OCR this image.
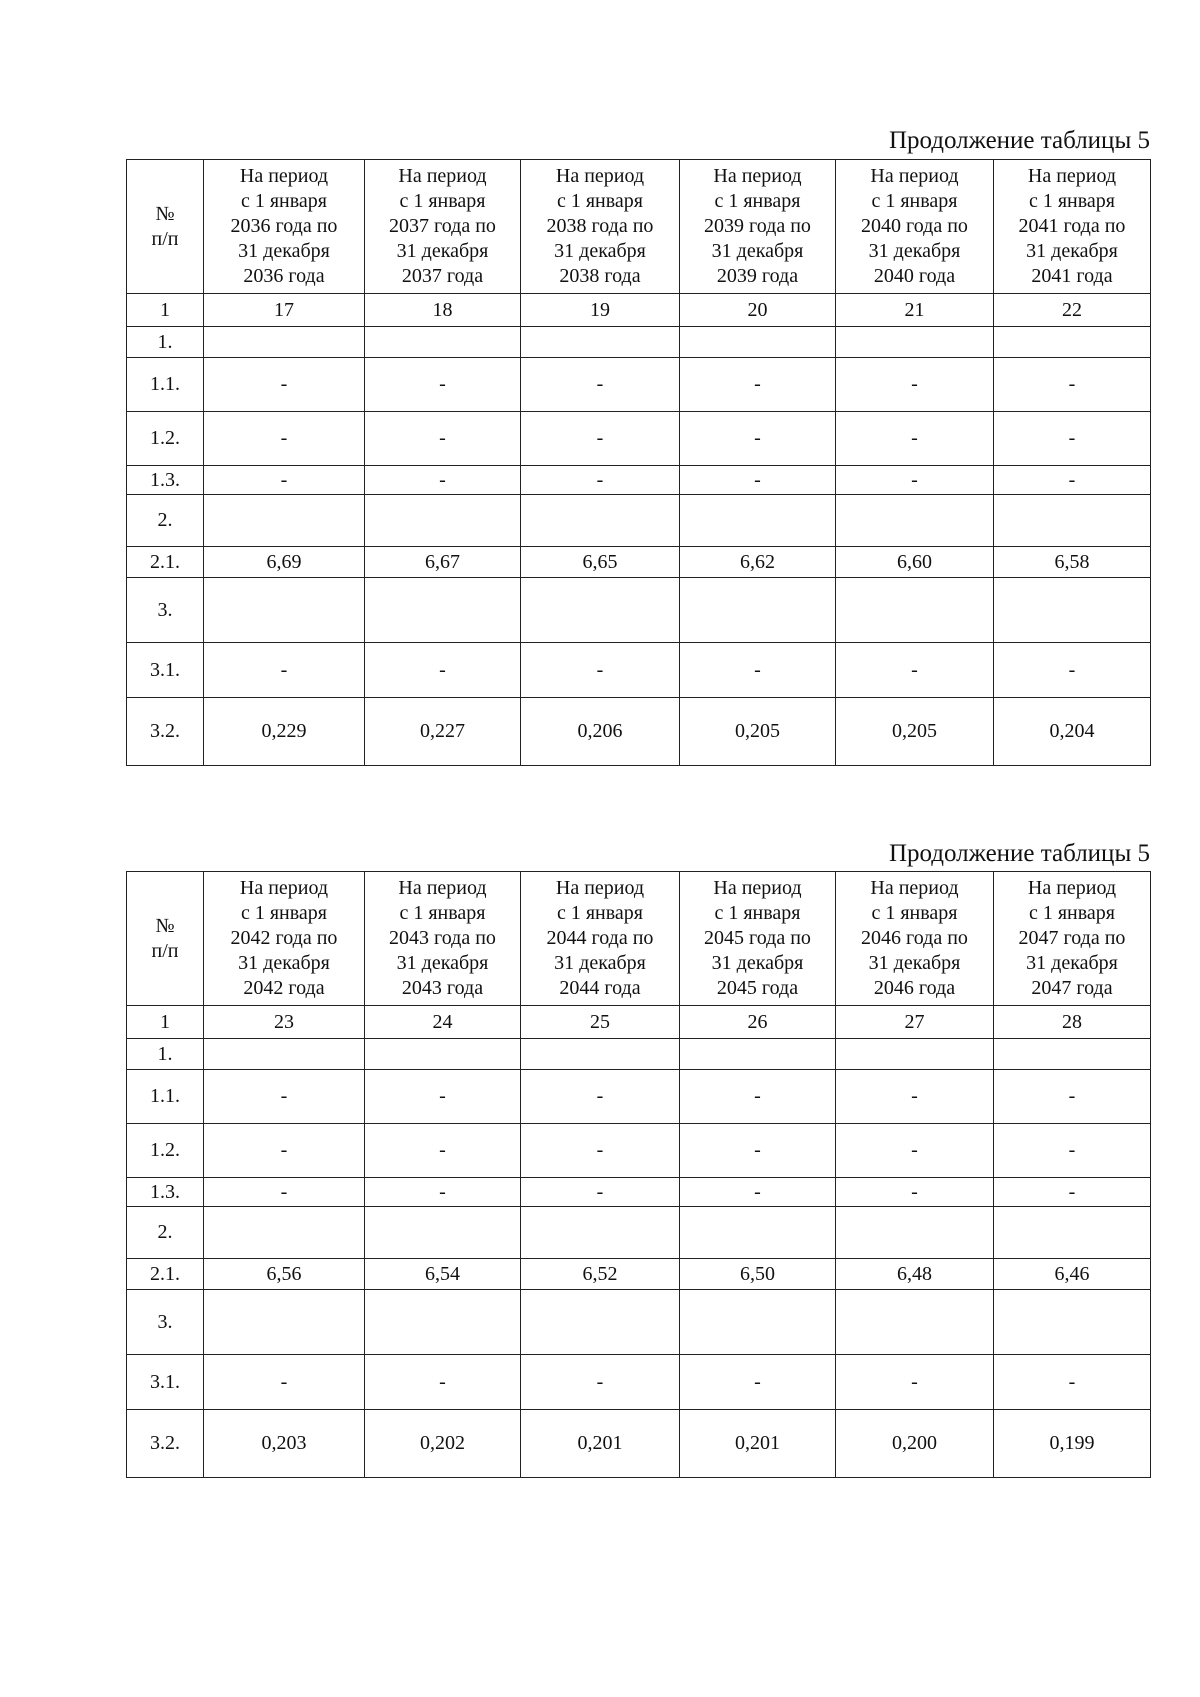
Продолжение таблицы 5
№
п/п	На период
с 1 января
2036 года по
31 декабря
2036 года	На период
с 1 января
2037 года по
31 декабря
2037 года	На период
с 1 января
2038 года по
31 декабря
2038 года	На период
с 1 января
2039 года по
31 декабря
2039 года	На период
с 1 января
2040 года по
31 декабря
2040 года	На период
с 1 января
2041 года по
31 декабря
2041 года

1	17	18	19	20	21	22
1.						
1.1.	-	-	-	-	-	-
1.2.	-	-	-	-	-	-
1.3.	-	-	-	-	-	-
2.						
2.1.	6,69	6,67	6,65	6,62	6,60	6,58
3.						
3.1.	-	-	-	-	-	-
3.2.	0,229	0,227	0,206	0,205	0,205	0,204
Продолжение таблицы 5
№
п/п	На период
с 1 января
2042 года по
31 декабря
2042 года	На период
с 1 января
2043 года по
31 декабря
2043 года	На период
с 1 января
2044 года по
31 декабря
2044 года	На период
с 1 января
2045 года по
31 декабря
2045 года	На период
с 1 января
2046 года по
31 декабря
2046 года	На период
с 1 января
2047 года по
31 декабря
2047 года

1	23	24	25	26	27	28
1.						
1.1.	-	-	-	-	-	-
1.2.	-	-	-	-	-	-
1.3.	-	-	-	-	-	-
2.						
2.1.	6,56	6,54	6,52	6,50	6,48	6,46
3.						
3.1.	-	-	-	-	-	-
3.2.	0,203	0,202	0,201	0,201	0,200	0,199
